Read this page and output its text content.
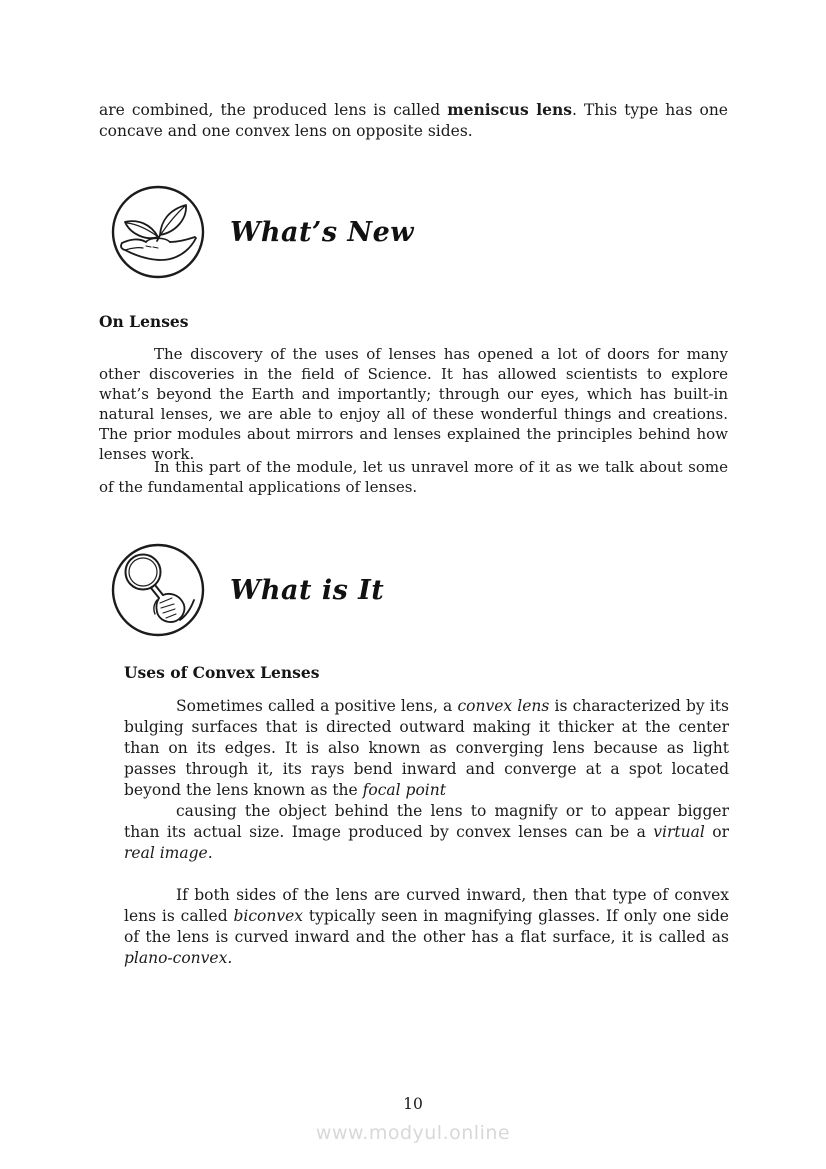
are combined, the produced lens is called meniscus lens. This type has one concave and one convex lens on opposite sides.

What’s New
On Lenses

The discovery of the uses of lenses has opened a lot of doors for many other discoveries in the field of Science. It has allowed scientists to explore what’s beyond the Earth and importantly; through our eyes, which has built-in natural lenses, we are able to enjoy all of these wonderful things and creations. The prior modules about mirrors and lenses explained the principles behind how lenses work.

In this part of the module, let us unravel more of it as we talk about some of the fundamental applications of lenses.

What is It
Uses of Convex Lenses

Sometimes called a positive lens, a convex lens is characterized by its bulging surfaces that is directed outward making it thicker at the center than on its edges. It is also known as converging lens because as light passes through it, its rays bend inward and converge at a spot located beyond the lens known as the focal point

causing the object behind the lens to magnify or to appear bigger than its actual size. Image produced by convex lenses can be a virtual or real image.

If both sides of the lens are curved inward, then that type of convex lens is called biconvex typically seen in magnifying glasses. If only one side of the lens is curved inward and the other has a flat surface, it is called as plano-convex.

10
www.modyul.online
